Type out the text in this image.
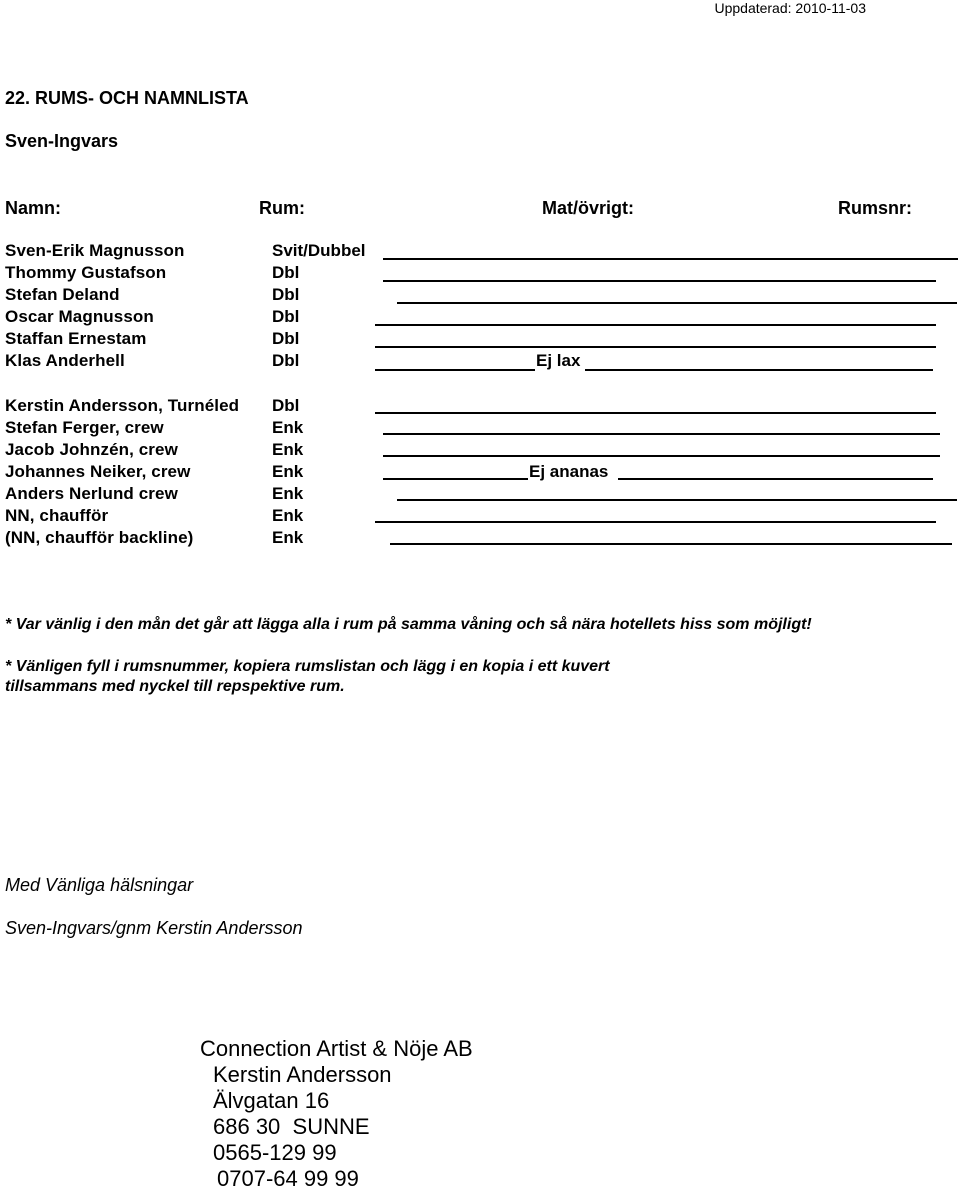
Uppdaterad: 2010-11-03
22. RUMS- OCH NAMNLISTA
Sven-Ingvars
Namn:	Rum:	Mat/övrigt:	Rumsnr:
Sven-Erik Magnusson	Svit/Dubbel
Thommy Gustafson	Dbl
Stefan Deland	Dbl
Oscar Magnusson	Dbl
Staffan Ernestam	Dbl
Klas Anderhell	Dbl	Ej lax
Kerstin Andersson, Turnéled Dbl
Stefan Ferger, crew	Enk
Jacob Johnzén, crew	Enk
Johannes Neiker, crew	Enk	Ej ananas
Anders Nerlund crew	Enk
NN, chaufför	Enk
(NN, chaufför backline)	Enk
* Var vänlig i den mån det går att lägga alla i rum på samma våning och så nära hotellets hiss som möjligt!
* Vänligen fyll i rumsnummer, kopiera rumslistan och lägg i en kopia i ett kuvert
tillsammans med nyckel till repspektive rum.
Med Vänliga hälsningar
Sven-Ingvars/gnm Kerstin Andersson
Connection Artist & Nöje AB
Kerstin Andersson
Älvgatan 16
686 30  SUNNE
0565-129 99
0707-64 99 99
